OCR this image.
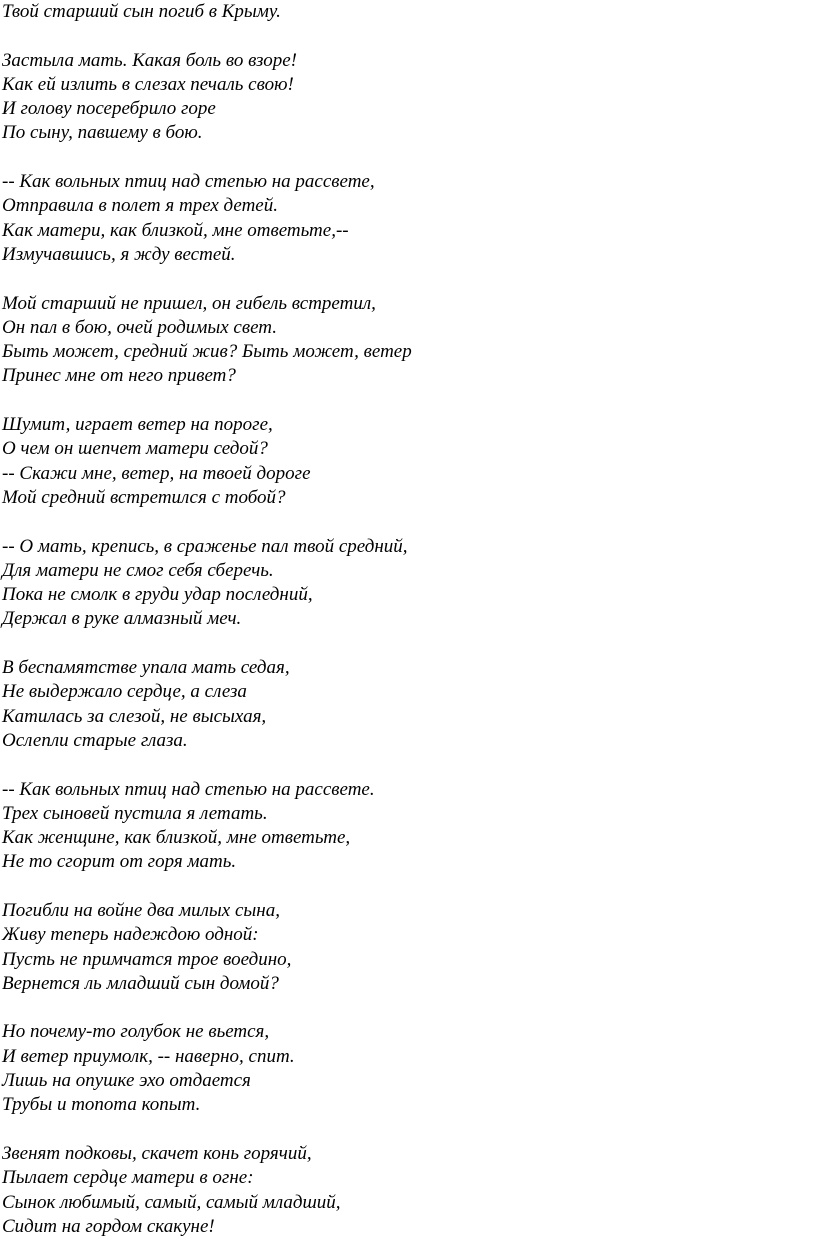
Твой старший сын погиб в Крыму.
Застыла мать. Какая боль во взоре!
Как ей излить в слезах печаль свою!
И голову посеребрило горе
По сыну, павшему в бою.
-- Как вольных птиц над степью на рассвете,
Отправила в полет я трех детей.
Как матери, как близкой, мне ответьте,--
Измучавшись, я жду вестей.
Мой старший не пришел, он гибель встретил,
Он пал в бою, очей родимых свет.
Быть может, средний жив? Быть может, ветер
Принес мне от него привет?
Шумит, играет ветер на пороге,
О чем он шепчет матери седой?
-- Скажи мне, ветер, на твоей дороге
Мой средний встретился с тобой?
-- О мать, крепись, в сраженье пал твой средний,
Для матери не смог себя сберечь.
Пока не смолк в груди удар последний,
Держал в руке алмазный меч.
В беспамятстве упала мать седая,
Не выдержало сердце, а слеза
Катилась за слезой, не высыхая,
Ослепли старые глаза.
-- Как вольных птиц над степью на рассвете.
Трех сыновей пустила я летать.
Как женщине, как близкой, мне ответьте,
Не то сгорит от горя мать.
Погибли на войне два милых сына,
Живу теперь надеждою одной:
Пусть не примчатся трое воедино,
Вернется ль младший сын домой?
Но почему-то голубок не вьется,
И ветер приумолк, -- наверно, спит.
Лишь на опушке эхо отдается
Трубы и топота копыт.
Звенят подковы, скачет конь горячий,
Пылает сердце матери в огне:
Сынок любимый, самый, самый младший,
Сидит на гордом скакуне!
